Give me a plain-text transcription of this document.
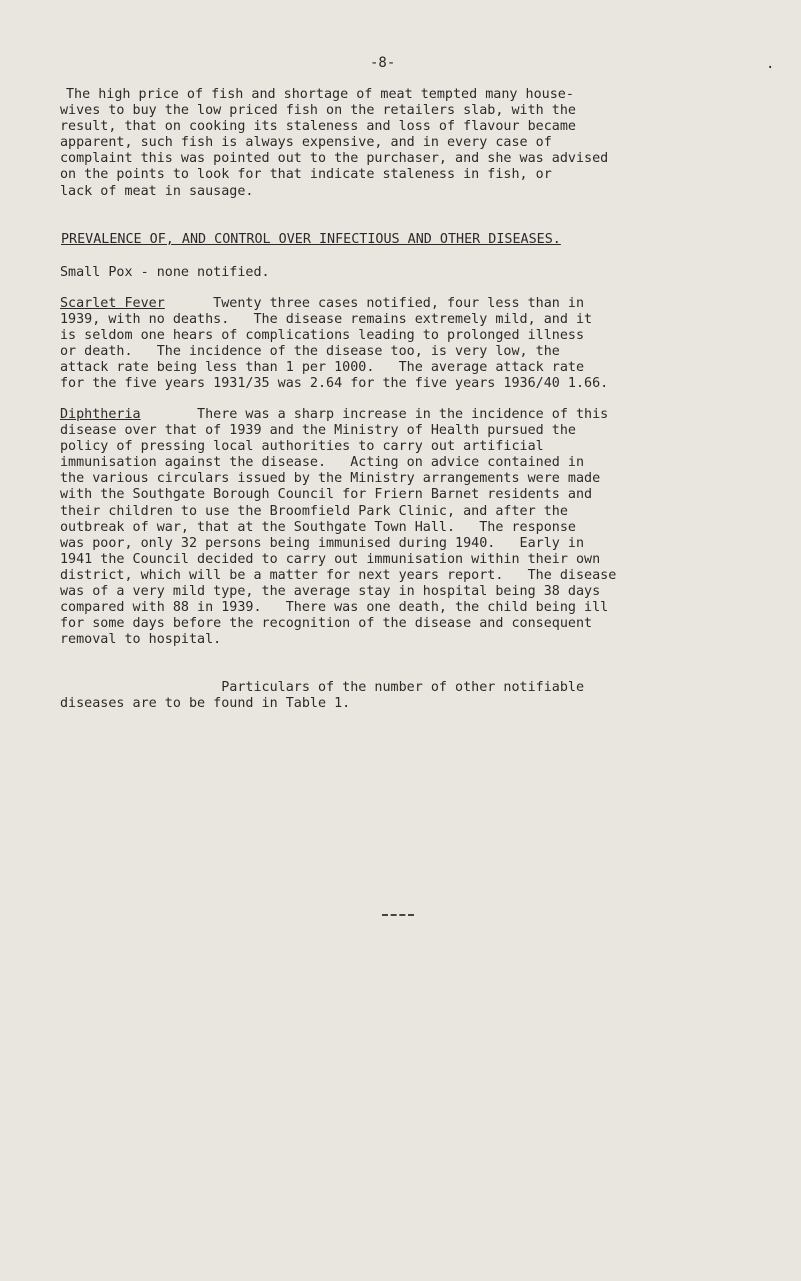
-8-	.
The high price of fish and shortage of meat tempted many house-
wives to buy the low priced fish on the retailers slab, with the
result, that on cooking its staleness and loss of flavour became
apparent, such fish is always expensive, and in every case of
complaint this was pointed out to the purchaser, and she was advised
on the points to look for that indicate staleness in fish, or
lack of meat in sausage.
PREVALENCE OF, AND CONTROL OVER INFECTIOUS AND OTHER DISEASES.
Small Pox - none notified.
Scarlet Fever      Twenty three cases notified, four less than in
1939, with no deaths.   The disease remains extremely mild, and it
is seldom one hears of complications leading to prolonged illness
or death.   The incidence of the disease too, is very low, the
attack rate being less than 1 per 1000.   The average attack rate
for the five years 1931/35 was 2.64 for the five years 1936/40 1.66.
Diphtheria       There was a sharp increase in the incidence of this
disease over that of 1939 and the Ministry of Health pursued the
policy of pressing local authorities to carry out artificial
immunisation against the disease.   Acting on advice contained in
the various circulars issued by the Ministry arrangements were made
with the Southgate Borough Council for Friern Barnet residents and
their children to use the Broomfield Park Clinic, and after the
outbreak of war, that at the Southgate Town Hall.   The response
was poor, only 32 persons being immunised during 1940.   Early in
1941 the Council decided to carry out immunisation within their own
district, which will be a matter for next years report.   The disease
was of a very mild type, the average stay in hospital being 38 days
compared with 88 in 1939.   There was one death, the child being ill
for some days before the recognition of the disease and consequent
removal to hospital.
Particulars of the number of other notifiable
diseases are to be found in Table 1.
